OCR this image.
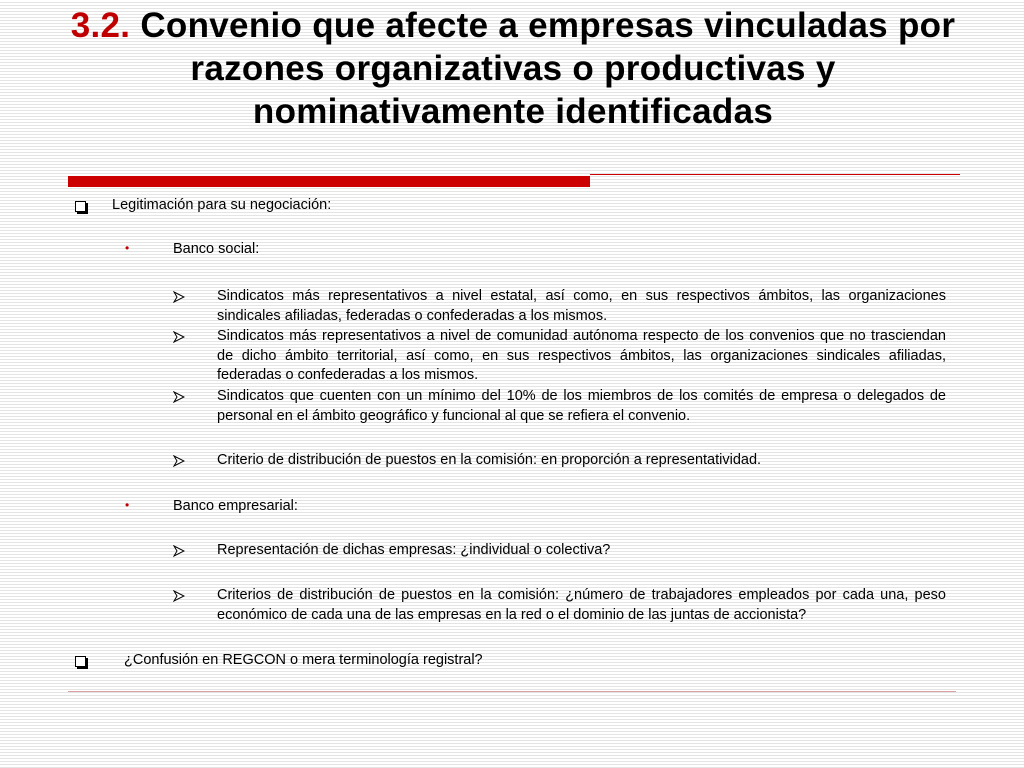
3.2. Convenio que afecte a empresas vinculadas por razones organizativas o productivas y nominativamente identificadas
Legitimación para su negociación:
•	Banco social:
Sindicatos más representativos a nivel estatal, así como, en sus respectivos ámbitos, las organizaciones sindicales afiliadas, federadas o confederadas a los mismos.
Sindicatos más representativos a nivel de comunidad autónoma respecto de los convenios que no trasciendan de dicho ámbito territorial, así como, en sus respectivos ámbitos, las organizaciones sindicales afiliadas, federadas o confederadas a los mismos.
Sindicatos que cuenten con un mínimo del 10% de los miembros de los comités de empresa o delegados de personal en el ámbito geográfico y funcional al que se refiera el convenio.
Criterio de distribución de puestos en la comisión: en proporción a representatividad.
•	Banco empresarial:
Representación de dichas empresas: ¿individual o colectiva?
Criterios de distribución de puestos en la comisión: ¿número de trabajadores empleados por cada una, peso económico de cada una de las empresas en la red o el dominio de las juntas de accionista?
¿Confusión en REGCON o mera terminología registral?
